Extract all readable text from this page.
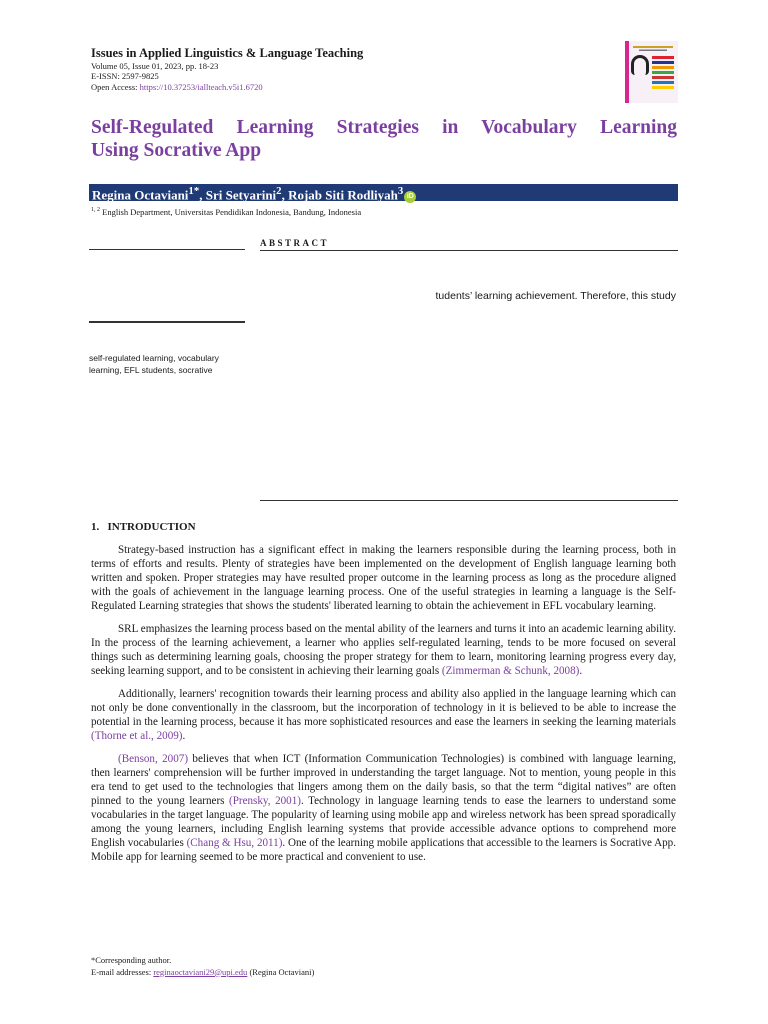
Issues in Applied Linguistics & Language Teaching
Volume 05, Issue 01, 2023, pp. 18-23
E-ISSN: 2597-9825
Open Access: https://10.37253/iallteach.v5i1.6720
Self-Regulated Learning Strategies in Vocabulary Learning
Using Socrative App
Regina Octaviani$^{1*}$, Sri Setyarini$^2$, Rojab Siti Rodliyah$^3$ iD
$^{1, 2}$ English Department, Universitas Pendidikan Indonesia, Bandung, Indonesia
ABSTRACT
tudents’ learning achievement. Therefore, this study
self-regulated learning, vocabulary learning, EFL students, socrative
1.   INTRODUCTION

Strategy-based instruction has a significant effect in making the learners responsible during the learning process, both in terms of efforts and results. Plenty of strategies have been implemented on the development of English language learning both written and spoken. Proper strategies may have resulted proper outcome in the learning process as long as the procedure aligned with the goals of achievement in the language learning process. One of the useful strategies in learning a language is the Self-Regulated Learning strategies that shows the students' liberated learning to obtain the achievement in EFL vocabulary learning.

SRL emphasizes the learning process based on the mental ability of the learners and turns it into an academic learning ability. In the process of the learning achievement, a learner who applies self-regulated learning, tends to be more focused on several things such as determining learning goals, choosing the proper strategy for them to learn, monitoring learning progress every day, seeking learning support, and to be consistent in achieving their learning goals (Zimmerman & Schunk, 2008).

Additionally, learners' recognition towards their learning process and ability also applied in the language learning which can not only be done conventionally in the classroom, but the incorporation of technology in it is believed to be able to increase the potential in the learning process, because it has more sophisticated resources and ease the learners in seeking the learning materials (Thorne et al., 2009).

(Benson, 2007) believes that when ICT (Information Communication Technologies) is combined with language learning, then learners' comprehension will be further improved in understanding the target language. Not to mention, young people in this era tend to get used to the technologies that lingers among them on the daily basis, so that the term “digital natives” are often pinned to the young learners (Prensky, 2001). Technology in language learning tends to ease the learners to understand some vocabularies in the target language. The popularity of learning using mobile app and wireless network has been spread sporadically among the young learners, including English learning systems that provide accessible advance options to comprehend more English vocabularies (Chang & Hsu, 2011). One of the learning mobile applications that accessible to the learners is Socrative App. Mobile app for learning seemed to be more practical and convenient to use.

*Corresponding author.
E-mail addresses: reginaoctaviani29@upi.edu (Regina Octaviani)
